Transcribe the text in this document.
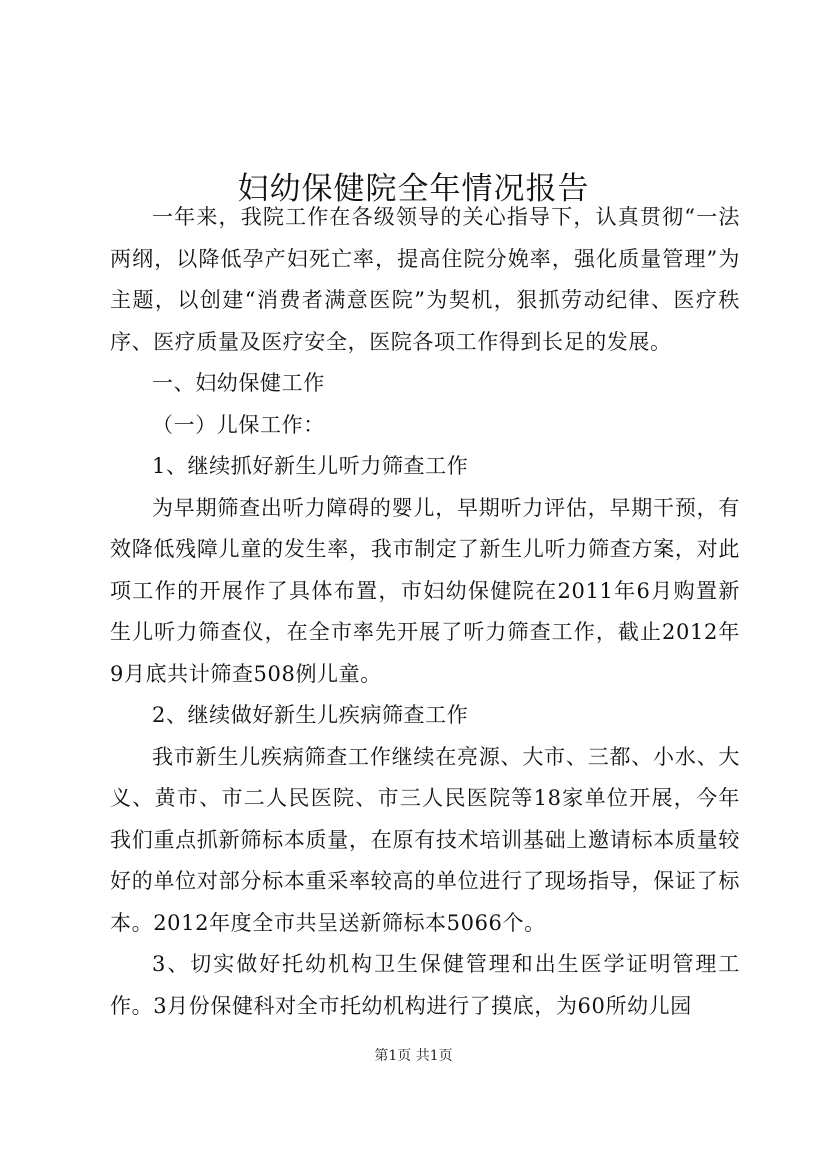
妇幼保健院全年情况报告

一年来，我院工作在各级领导的关心指导下，认真贯彻“一法两纲，以降低孕产妇死亡率，提高住院分娩率，强化质量管理”为主题，以创建“消费者满意医院”为契机，狠抓劳动纪律、医疗秩序、医疗质量及医疗安全，医院各项工作得到长足的发展。

一、妇幼保健工作

（一）儿保工作：

1、继续抓好新生儿听力筛查工作

为早期筛查出听力障碍的婴儿，早期听力评估，早期干预，有效降低残障儿童的发生率，我市制定了新生儿听力筛查方案，对此项工作的开展作了具体布置，市妇幼保健院在2011年6月购置新生儿听力筛查仪，在全市率先开展了听力筛查工作，截止2012年9月底共计筛查508例儿童。

2、继续做好新生儿疾病筛查工作

我市新生儿疾病筛查工作继续在亮源、大市、三都、小水、大义、黄市、市二人民医院、市三人民医院等18家单位开展，今年我们重点抓新筛标本质量，在原有技术培训基础上邀请标本质量较好的单位对部分标本重采率较高的单位进行了现场指导，保证了标本。2012年度全市共呈送新筛标本5066个。

3、切实做好托幼机构卫生保健管理和出生医学证明管理工作。3月份保健科对全市托幼机构进行了摸底，为60所幼儿园

第1页 共1页
